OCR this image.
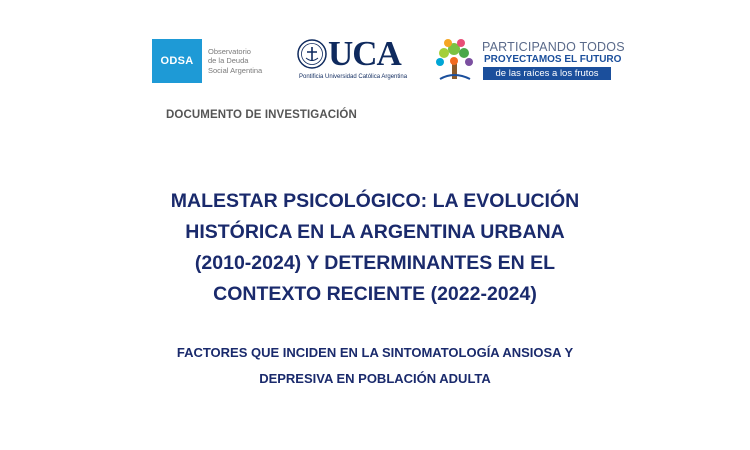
ODSA
Observatorio
de la Deuda
Social Argentina UCA
Pontificia Universidad Católica Argentina
PARTICIPANDO TODOS
PROYECTAMOS EL FUTURO
de las raíces a los frutos
DOCUMENTO DE INVESTIGACIÓN
MALESTAR PSICOLÓGICO: LA EVOLUCIÓN
HISTÓRICA EN LA ARGENTINA URBANA
(2010-2024) Y DETERMINANTES EN EL
CONTEXTO RECIENTE (2022-2024)
FACTORES QUE INCIDEN EN LA SINTOMATOLOGÍA ANSIOSA Y
DEPRESIVA EN POBLACIÓN ADULTA
